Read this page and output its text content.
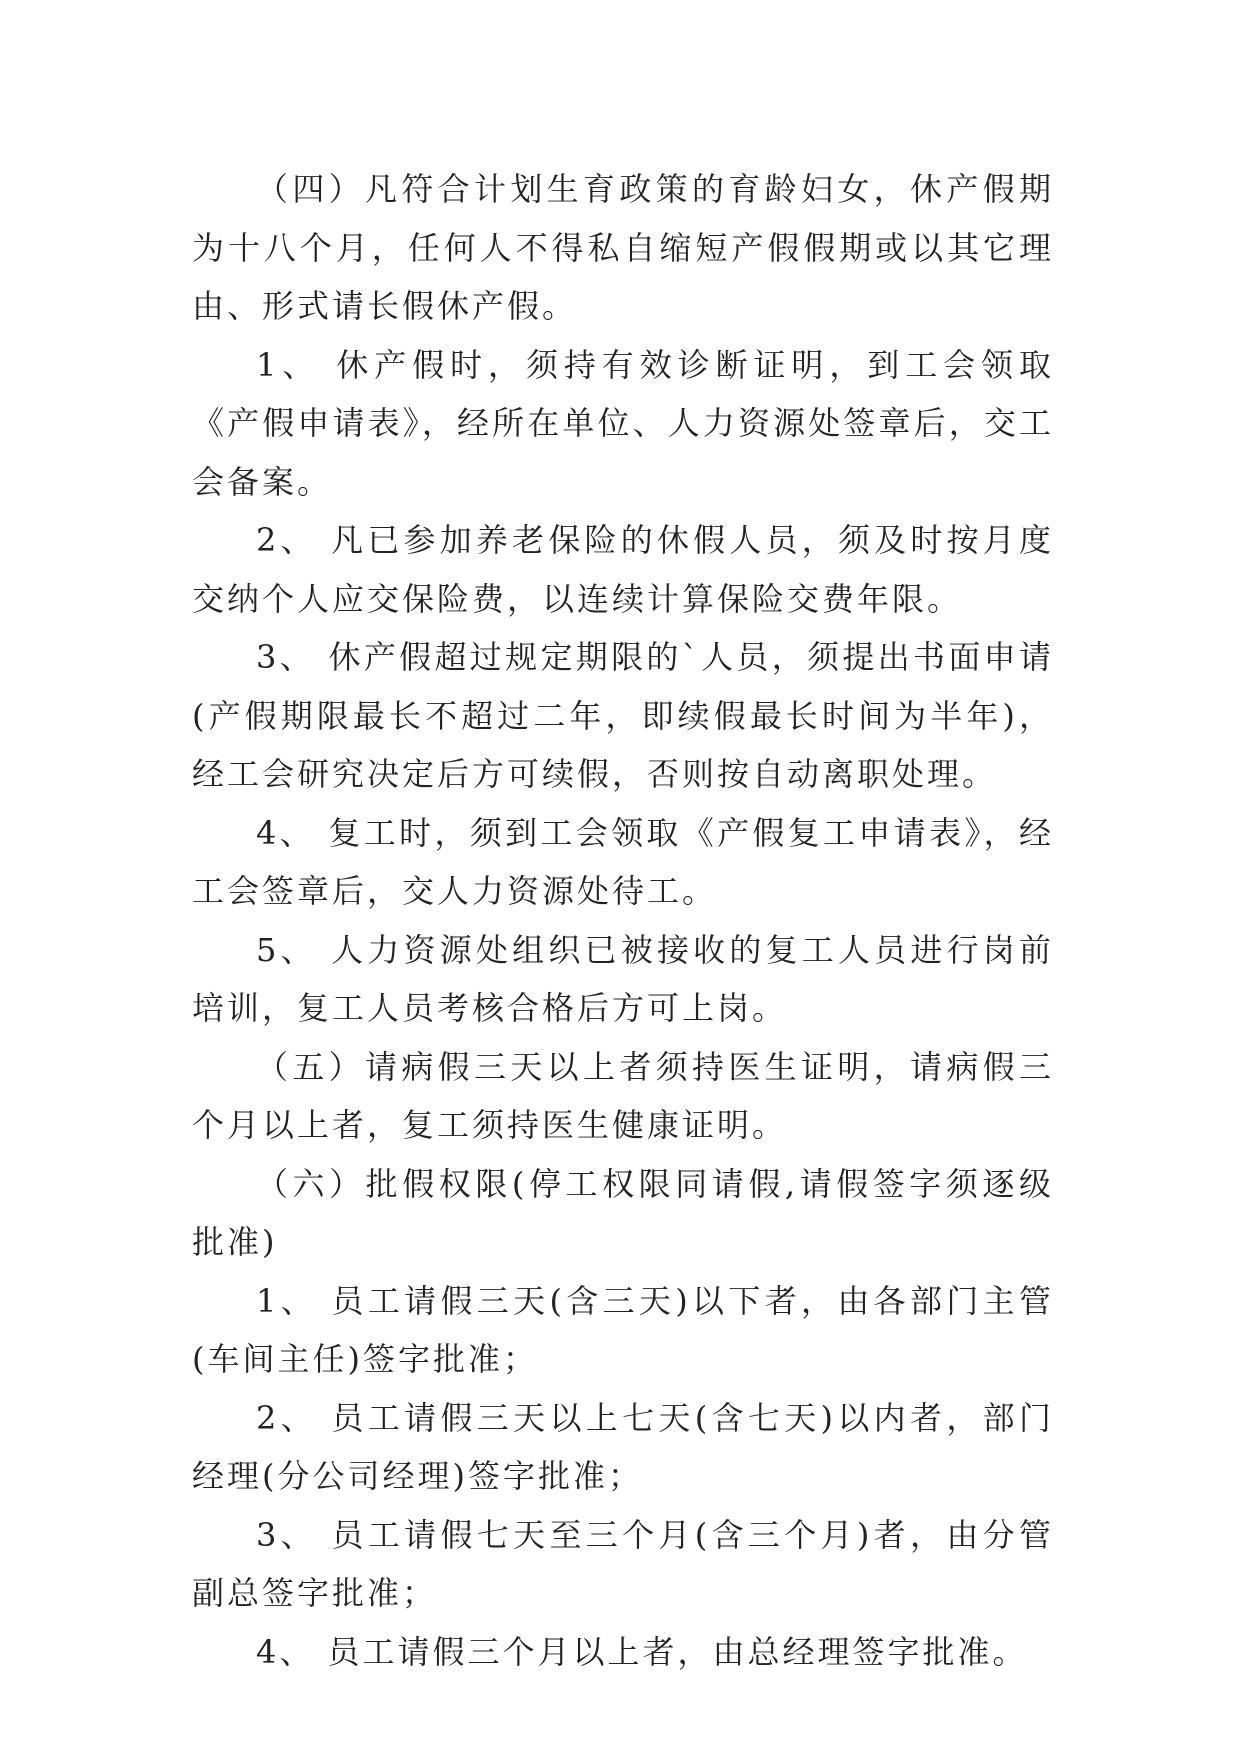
（四）凡符合计划生育政策的育龄妇女，休产假期为十八个月，任何人不得私自缩短产假假期或以其它理由、形式请长假休产假。

1、 休产假时，须持有效诊断证明，到工会领取《产假申请表》，经所在单位、人力资源处签章后，交工会备案。

2、 凡已参加养老保险的休假人员，须及时按月度交纳个人应交保险费，以连续计算保险交费年限。

3、 休产假超过规定期限的`人员，须提出书面申请(产假期限最长不超过二年，即续假最长时间为半年)，经工会研究决定后方可续假，否则按自动离职处理。

4、 复工时，须到工会领取《产假复工申请表》，经工会签章后，交人力资源处待工。

5、 人力资源处组织已被接收的复工人员进行岗前培训，复工人员考核合格后方可上岗。

（五）请病假三天以上者须持医生证明，请病假三个月以上者，复工须持医生健康证明。

（六）批假权限(停工权限同请假,请假签字须逐级批准)

1、 员工请假三天(含三天)以下者，由各部门主管(车间主任)签字批准；

2、 员工请假三天以上七天(含七天)以内者，部门经理(分公司经理)签字批准；

3、 员工请假七天至三个月(含三个月)者，由分管副总签字批准；

4、 员工请假三个月以上者，由总经理签字批准。
